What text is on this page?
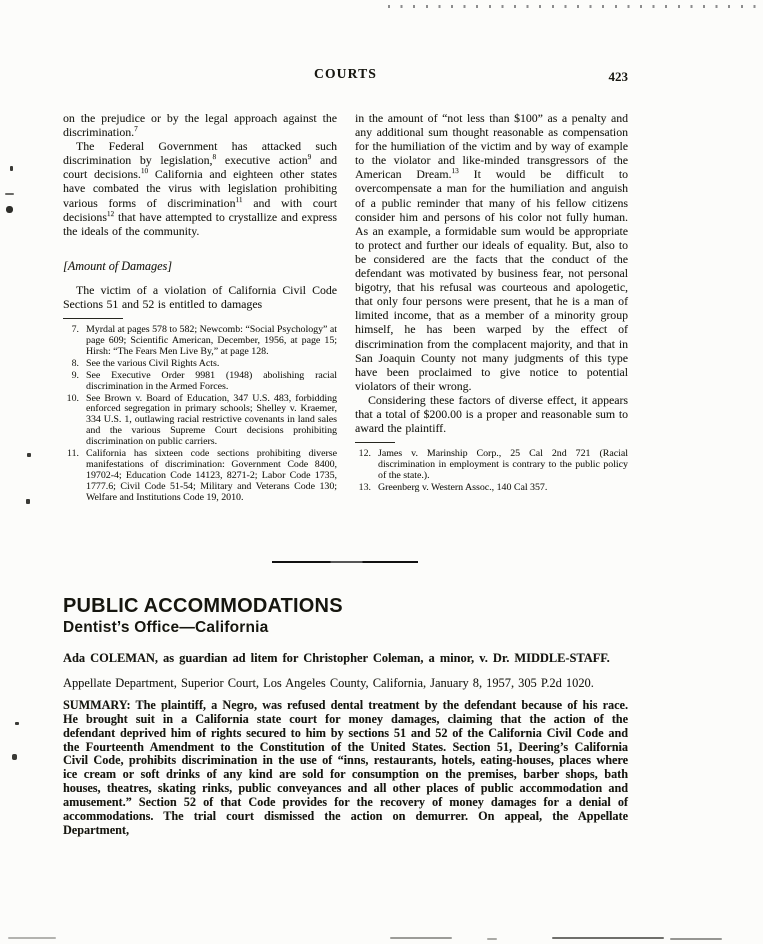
COURTS	423

on the prejudice or by the legal approach against the discrimination.$^7$

The Federal Government has attacked such discrimination by legislation,$^8$ executive action$^9$ and court decisions.$^{10}$ California and eighteen other states have combated the virus with legislation prohibiting various forms of discrimination$^{11}$ and with court decisions$^{12}$ that have attempted to crystallize and express the ideals of the community.

[Amount of Damages]

The victim of a violation of California Civil Code Sections 51 and 52 is entitled to damages

7. Myrdal at pages 578 to 582; Newcomb: “Social Psychology” at page 609; Scientific American, December, 1956, at page 15; Hirsh: “The Fears Men Live By,” at page 128.
8. See the various Civil Rights Acts.
9. See Executive Order 9981 (1948) abolishing racial discrimination in the Armed Forces.
10. See Brown v. Board of Education, 347 U.S. 483, forbidding enforced segregation in primary schools; Shelley v. Kraemer, 334 U.S. 1, outlawing racial restrictive covenants in land sales and the various Supreme Court decisions prohibiting discrimination on public carriers.
11. California has sixteen code sections prohibiting diverse manifestations of discrimination: Government Code 8400, 19702-4; Education Code 14123, 8271-2; Labor Code 1735, 1777.6; Civil Code 51-54; Military and Veterans Code 130; Welfare and Institutions Code 19, 2010.

in the amount of “not less than $100” as a penalty and any additional sum thought reasonable as compensation for the humiliation of the victim and by way of example to the violator and like-minded transgressors of the American Dream.$^{13}$ It would be difficult to overcompensate a man for the humiliation and anguish of a public reminder that many of his fellow citizens consider him and persons of his color not fully human. As an example, a formidable sum would be appropriate to protect and further our ideals of equality. But, also to be considered are the facts that the conduct of the defendant was motivated by business fear, not personal bigotry, that his refusal was courteous and apologetic, that only four persons were present, that he is a man of limited income, that as a member of a minority group himself, he has been warped by the effect of discrimination from the complacent majority, and that in San Joaquin County not many judgments of this type have been proclaimed to give notice to potential violators of their wrong.

Considering these factors of diverse effect, it appears that a total of $200.00 is a proper and reasonable sum to award the plaintiff.

12. James v. Marinship Corp., 25 Cal 2nd 721 (Racial discrimination in employment is contrary to the public policy of the state.).
13. Greenberg v. Western Assoc., 140 Cal 357.
PUBLIC ACCOMMODATIONS
Dentist’s Office—California

Ada COLEMAN, as guardian ad litem for Christopher Coleman, a minor, v. Dr. MIDDLE-STAFF.

Appellate Department, Superior Court, Los Angeles County, California, January 8, 1957, 305 P.2d 1020.

SUMMARY: The plaintiff, a Negro, was refused dental treatment by the defendant because of his race. He brought suit in a California state court for money damages, claiming that the action of the defendant deprived him of rights secured to him by sections 51 and 52 of the California Civil Code and the Fourteenth Amendment to the Constitution of the United States. Section 51, Deering’s California Civil Code, prohibits discrimination in the use of “inns, restaurants, hotels, eating-houses, places where ice cream or soft drinks of any kind are sold for consumption on the premises, barber shops, bath houses, theatres, skating rinks, public conveyances and all other places of public accommodation and amusement.” Section 52 of that Code provides for the recovery of money damages for a denial of accommodations. The trial court dismissed the action on demurrer. On appeal, the Appellate Department,
